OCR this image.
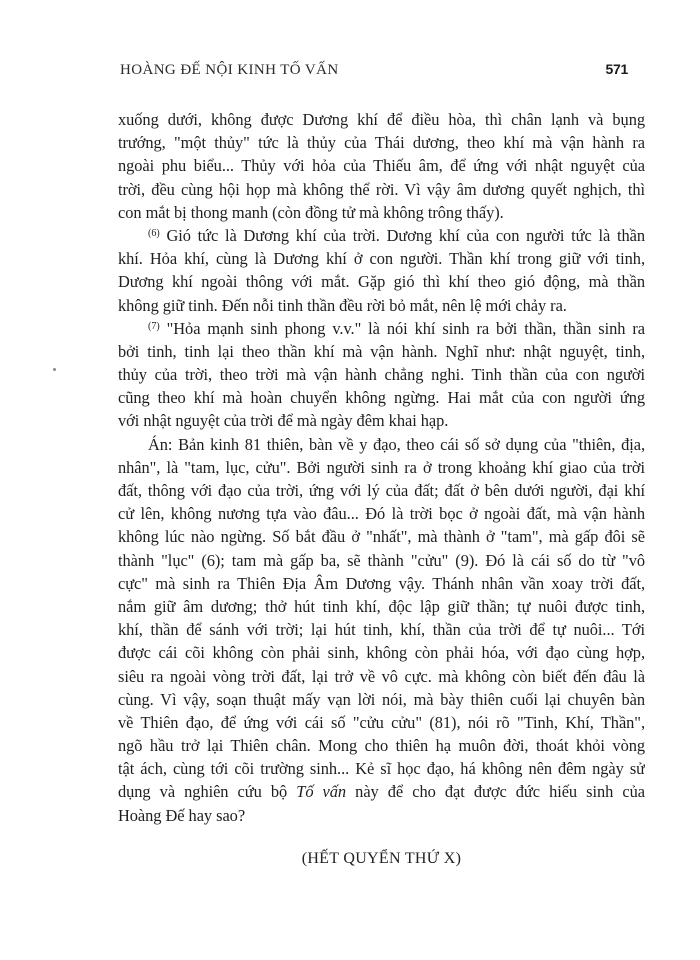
HOÀNG ĐẾ NỘI KINH TỐ VẤN	571
xuống dưới, không được Dương khí để điều hòa, thì chân lạnh và bụng
trướng, "một thủy" tức là thủy của Thái dương, theo khí mà vận hành ra
ngoài phu biểu... Thủy với hỏa của Thiếu âm, để ứng với nhật nguyệt của
trời, đều cùng hội họp mà không thể rời. Vì vậy âm dương quyết nghịch, thì
con mắt bị thong manh (còn đồng tử mà không trông thấy).
$^{(6)}$ Gió tức là Dương khí của trời. Dương khí của con người tức là thần
khí. Hỏa khí, cùng là Dương khí ở con người. Thần khí trong giữ với tinh,
Dương khí ngoài thông với mắt. Gặp gió thì khí theo gió động, mà thần
không giữ tinh. Đến nỗi tinh thần đều rời bỏ mắt, nên lệ mới chảy ra.
$^{(7)}$ "Hỏa mạnh sinh phong v.v." là nói khí sinh ra bởi thần, thần sinh ra
bởi tinh, tinh lại theo thần khí mà vận hành. Nghĩ như: nhật nguyệt, tinh,
thủy của trời, theo trời mà vận hành chẳng nghi. Tinh thần của con người
cũng theo khí mà hoàn chuyển không ngừng. Hai mắt của con người ứng
với nhật nguyệt của trời để mà ngày đêm khai hạp.
Án: Bản kinh 81 thiên, bàn về y đạo, theo cái số sở dụng của "thiên, địa,
nhân", là "tam, lục, cửu". Bởi người sinh ra ở trong khoảng khí giao của trời
đất, thông với đạo của trời, ứng với lý của đất; đất ở bên dưới người, đại khí
cử lên, không nương tựa vào đâu... Đó là trời bọc ở ngoài đất, mà vận hành
không lúc nào ngừng. Số bắt đầu ở "nhất", mà thành ở "tam", mà gấp đôi sẽ
thành "lục" (6); tam mà gấp ba, sẽ thành "cửu" (9). Đó là cái số do từ "vô
cực" mà sinh ra Thiên Địa Âm Dương vậy. Thánh nhân vần xoay trời đất,
nắm giữ âm dương; thở hút tinh khí, độc lập giữ thần; tự nuôi được tinh,
khí, thần để sánh với trời; lại hút tinh, khí, thần của trời để tự nuôi... Tới
được cái cõi không còn phải sinh, không còn phải hóa, với đạo cùng hợp,
siêu ra ngoài vòng trời đất, lại trở về vô cực. mà không còn biết đến đâu là
cùng. Vì vậy, soạn thuật mấy vạn lời nói, mà bày thiên cuối lại chuyên bàn
về Thiên đạo, để ứng với cái số "cửu cửu" (81), nói rõ "Tinh, Khí, Thần",
ngõ hầu trở lại Thiên chân. Mong cho thiên hạ muôn đời, thoát khỏi vòng
tật ách, cùng tới cõi trường sinh... Kẻ sĩ học đạo, há không nên đêm ngày sử
dụng và nghiên cứu bộ Tố vấn này để cho đạt được đức hiếu sinh của
Hoàng Đế hay sao?
(HẾT QUYỂN THỨ X)
